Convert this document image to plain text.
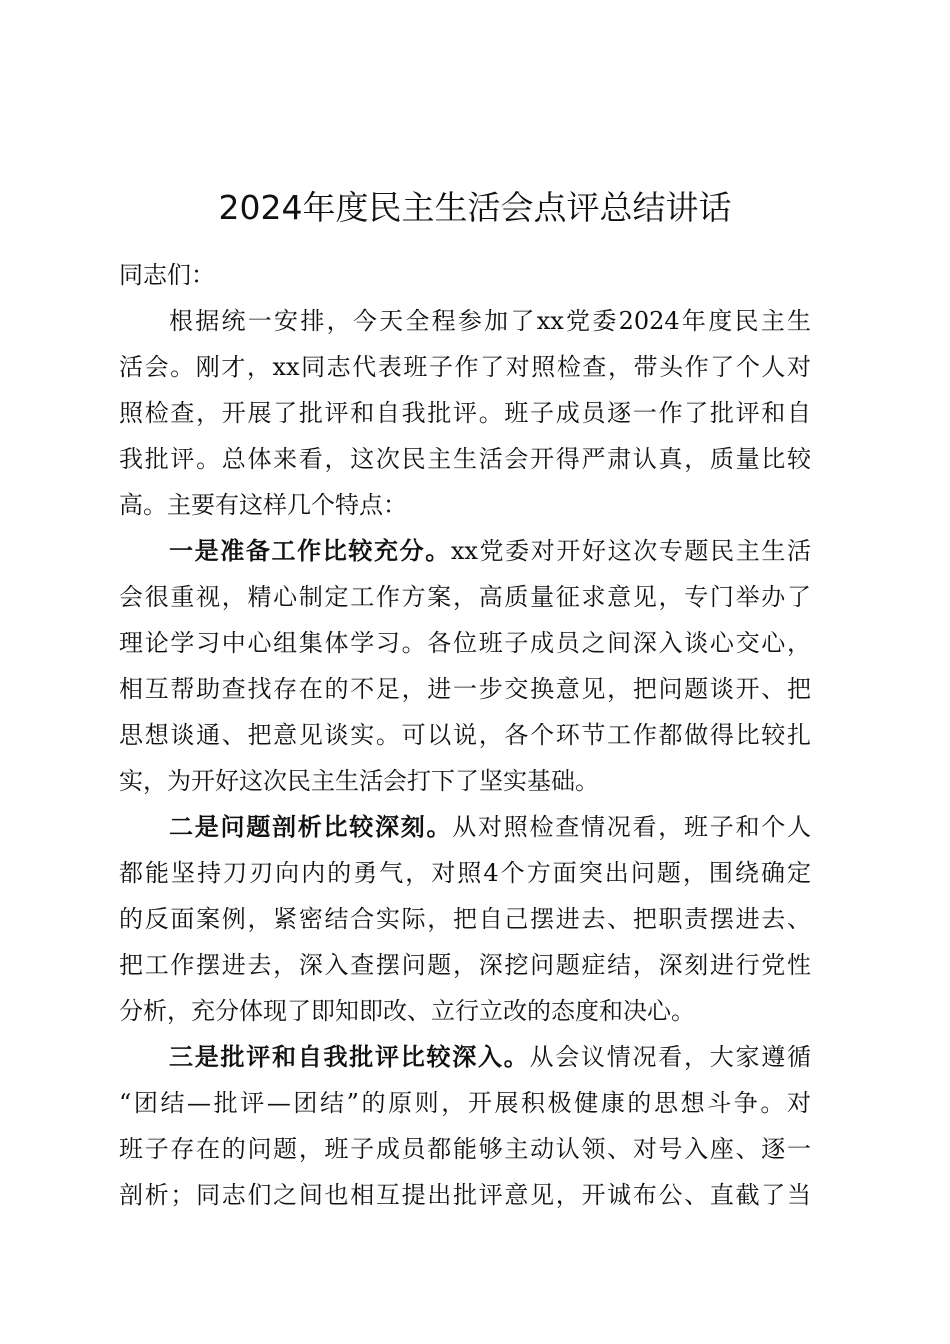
2024年度民主生活会点评总结讲话
同志们：
根据统一安排，今天全程参加了xx党委2024年度民主生
活会。刚才，xx同志代表班子作了对照检查，带头作了个人对
照检查，开展了批评和自我批评。班子成员逐一作了批评和自
我批评。总体来看，这次民主生活会开得严肃认真，质量比较
高。主要有这样几个特点：
一是准备工作比较充分。xx党委对开好这次专题民主生活
会很重视，精心制定工作方案，高质量征求意见，专门举办了
理论学习中心组集体学习。各位班子成员之间深入谈心交心，
相互帮助查找存在的不足，进一步交换意见，把问题谈开、把
思想谈通、把意见谈实。可以说，各个环节工作都做得比较扎
实，为开好这次民主生活会打下了坚实基础。
二是问题剖析比较深刻。从对照检查情况看，班子和个人
都能坚持刀刃向内的勇气，对照4个方面突出问题，围绕确定
的反面案例，紧密结合实际，把自己摆进去、把职责摆进去、
把工作摆进去，深入查摆问题，深挖问题症结，深刻进行党性
分析，充分体现了即知即改、立行立改的态度和决心。
三是批评和自我批评比较深入。从会议情况看，大家遵循
“团结—批评—团结”的原则，开展积极健康的思想斗争。对
班子存在的问题，班子成员都能够主动认领、对号入座、逐一
剖析；同志们之间也相互提出批评意见，开诚布公、直截了当
